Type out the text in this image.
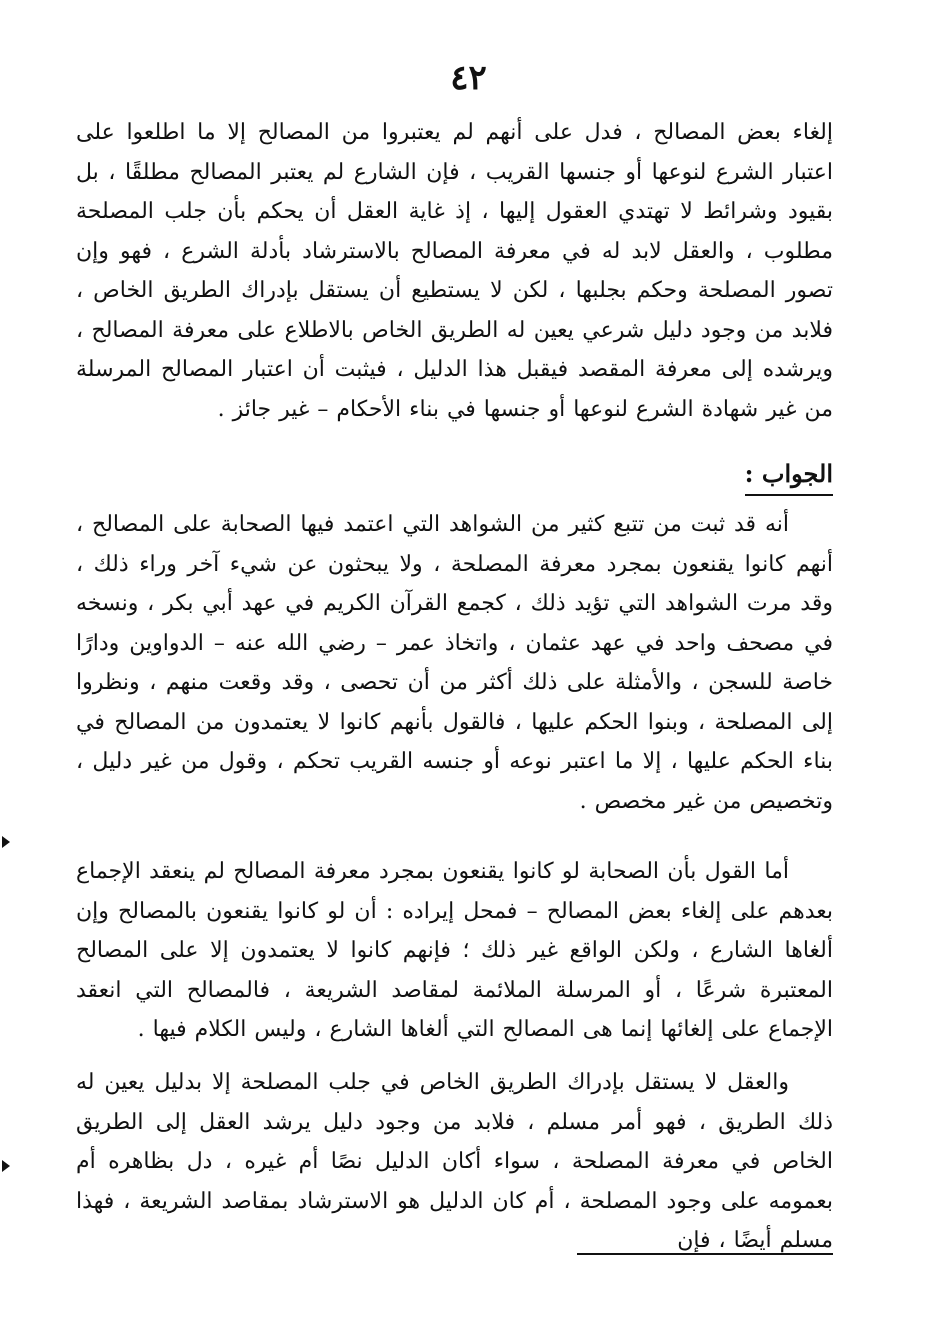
٤٢
إلغاء بعض المصالح ، فدل على أنهم لم يعتبروا من المصالح إلا ما اطلعوا على اعتبار الشرع لنوعها أو جنسها القريب ، فإن الشارع لم يعتبر المصالح مطلقًا ، بل بقيود وشرائط لا تهتدي العقول إليها ، إذ غاية العقل أن يحكم بأن جلب المصلحة مطلوب ، والعقل لابد له في معرفة المصالح بالاسترشاد بأدلة الشرع ، فهو وإن تصور المصلحة وحكم بجلبها ، لكن لا يستطيع أن يستقل بإدراك الطريق الخاص ، فلابد من وجود دليل شرعي يعين له الطريق الخاص بالاطلاع على معرفة المصالح ، ويرشده إلى معرفة المقصد فيقبل هذا الدليل ، فيثبت أن اعتبار المصالح المرسلة من غير شهادة الشرع لنوعها أو جنسها في بناء الأحكام – غير جائز .
الجواب :
أنه قد ثبت من تتبع كثير من الشواهد التي اعتمد فيها الصحابة على المصالح ، أنهم كانوا يقنعون بمجرد معرفة المصلحة ، ولا يبحثون عن شيء آخر وراء ذلك ، وقد مرت الشواهد التي تؤيد ذلك ، كجمع القرآن الكريم في عهد أبي بكر ، ونسخه في مصحف واحد في عهد عثمان ، واتخاذ عمر – رضي الله عنه – الدواوين ودارًا خاصة للسجن ، والأمثلة على ذلك أكثر من أن تحصى ، وقد وقعت منهم ، ونظروا إلى المصلحة ، وبنوا الحكم عليها ، فالقول بأنهم كانوا لا يعتمدون من المصالح في بناء الحكم عليها ، إلا ما اعتبر نوعه أو جنسه القريب تحكم ، وقول من غير دليل ، وتخصيص من غير مخصص .
أما القول بأن الصحابة لو كانوا يقنعون بمجرد معرفة المصالح لم ينعقد الإجماع بعدهم على إلغاء بعض المصالح – فمحل إيراده : أن لو كانوا يقنعون بالمصالح وإن ألغاها الشارع ، ولكن الواقع غير ذلك ؛ فإنهم كانوا لا يعتمدون إلا على المصالح المعتبرة شرعًا ، أو المرسلة الملائمة لمقاصد الشريعة ، فالمصالح التي انعقد الإجماع على إلغائها إنما هى المصالح التي ألغاها الشارع ، وليس الكلام فيها .
والعقل لا يستقل بإدراك الطريق الخاص في جلب المصلحة إلا بدليل يعين له ذلك الطريق ، فهو أمر مسلم ، فلابد من وجود دليل يرشد العقل إلى الطريق الخاص في معرفة المصلحة ، سواء أكان الدليل نصًا أم غيره ، دل بظاهره أم بعمومه على وجود المصلحة ، أم كان الدليل هو الاسترشاد بمقاصد الشريعة ، فهذا مسلم أيضًا ، فإن
